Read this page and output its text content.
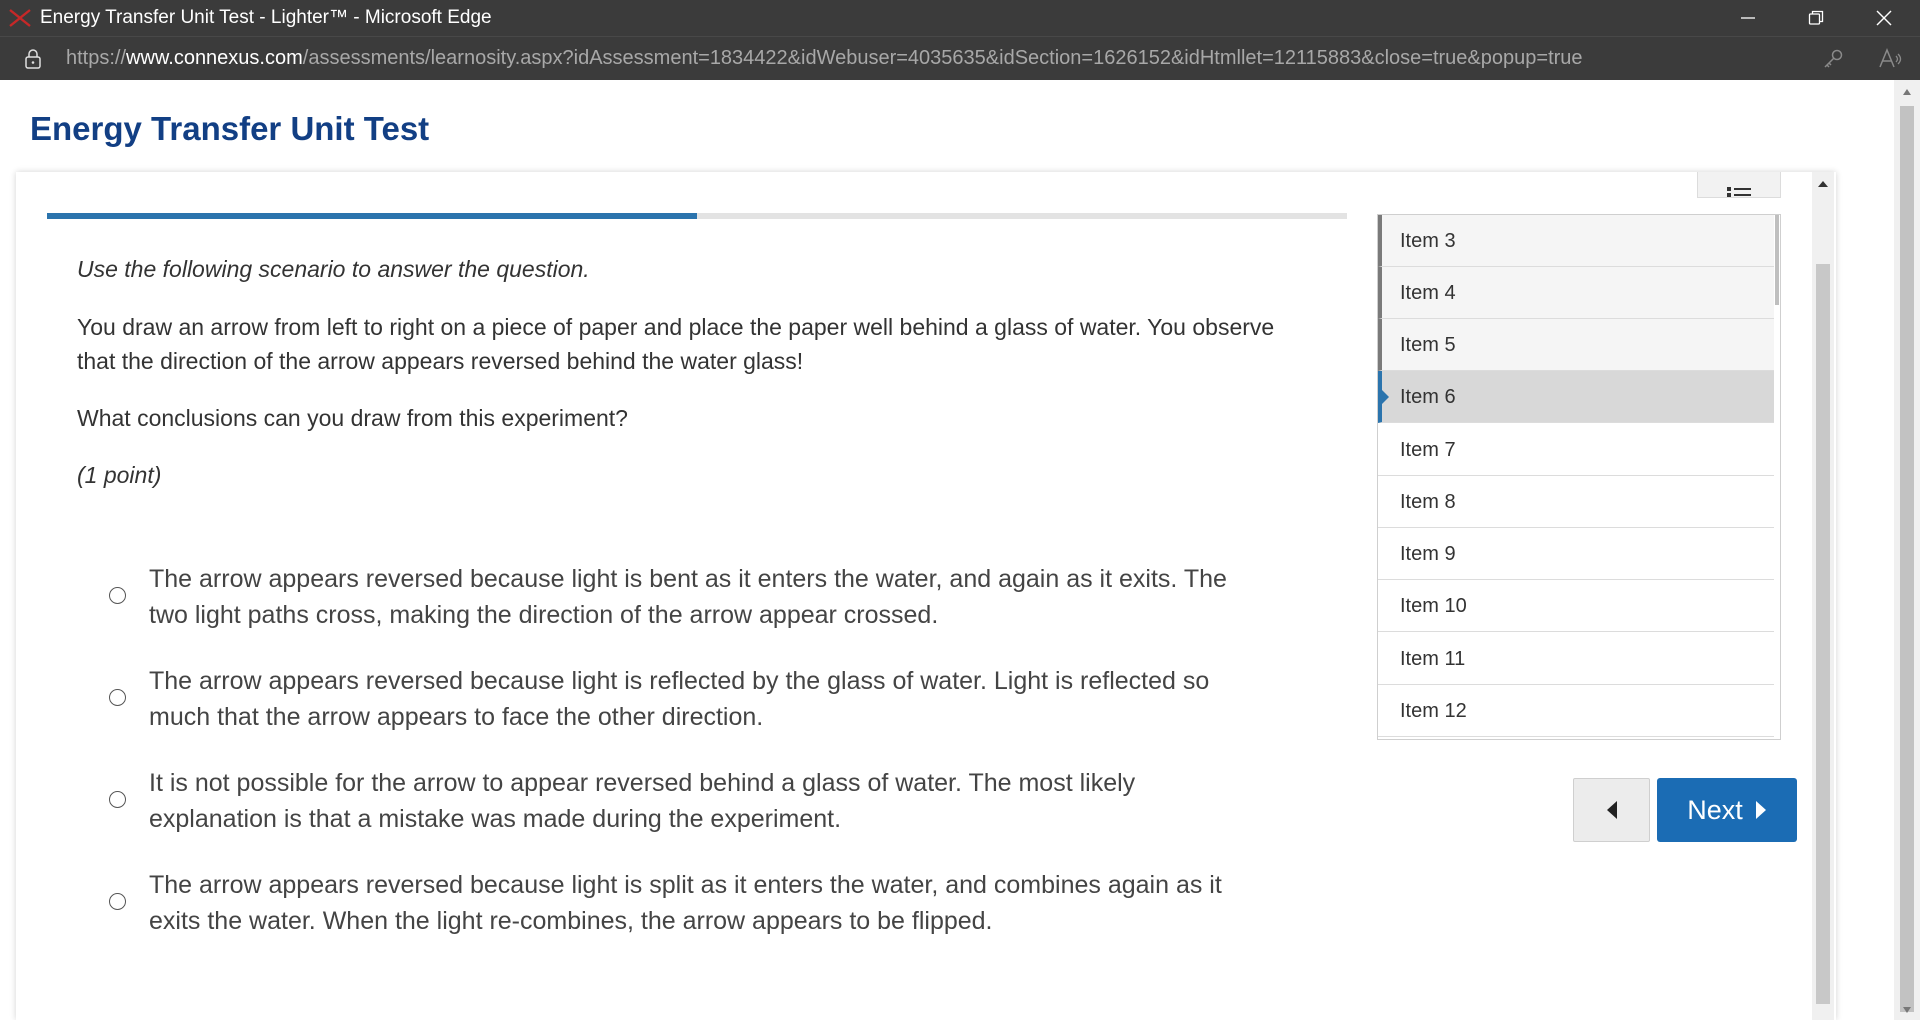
Energy Transfer Unit Test - Lighter™ - Microsoft Edge
https://www.connexus.com/assessments/learnosity.aspx?idAssessment=1834422&idWebuser=4035635&idSection=1626152&idHtmllet=12115883&close=true&popup=true
Energy Transfer Unit Test

Use the following scenario to answer the question.

You draw an arrow from left to right on a piece of paper and place the paper well behind a glass of water. You observe that the direction of the arrow appears reversed behind the water glass!

What conclusions can you draw from this experiment?

(1 point)

The arrow appears reversed because light is bent as it enters the water, and again as it exits. The two light paths cross, making the direction of the arrow appear crossed.
The arrow appears reversed because light is reflected by the glass of water. Light is reflected so much that the arrow appears to face the other direction.
It is not possible for the arrow to appear reversed behind a glass of water. The most likely explanation is that a mistake was made during the experiment.
The arrow appears reversed because light is split as it enters the water, and combines again as it exits the water. When the light re-combines, the arrow appears to be flipped.
Item 3
Item 4
Item 5
Item 6
Item 7
Item 8
Item 9
Item 10
Item 11
Item 12
Next
